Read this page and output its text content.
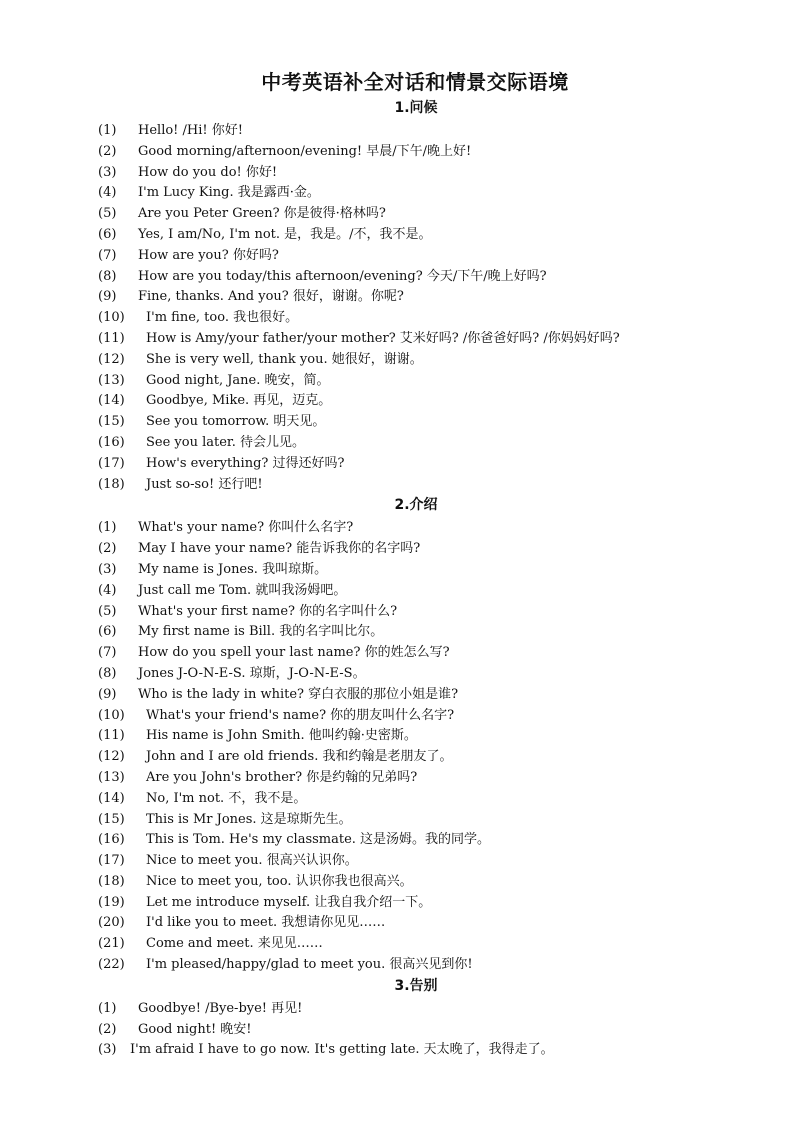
中考英语补全对话和情景交际语境
1.问候
(1) Hello! /Hi! 你好!
(2) Good morning/afternoon/evening! 早晨/下午/晚上好!
(3) How do you do! 你好!
(4) I'm Lucy King. 我是露西·金。
(5) Are you Peter Green? 你是彼得·格林吗?
(6) Yes, I am/No, I'm not. 是，我是。/不，我不是。
(7) How are you? 你好吗?
(8) How are you today/this afternoon/evening? 今天/下午/晚上好吗?
(9) Fine, thanks. And you? 很好，谢谢。你呢?
(10) I'm fine, too. 我也很好。
(11) How is Amy/your father/your mother? 艾米好吗? /你爸爸好吗? /你妈妈好吗?
(12) She is very well, thank you. 她很好，谢谢。
(13) Good night, Jane. 晚安，简。
(14) Goodbye, Mike. 再见，迈克。
(15) See you tomorrow. 明天见。
(16) See you later. 待会儿见。
(17) How's everything? 过得还好吗?
(18) Just so-so! 还行吧!
2.介绍
(1) What's your name? 你叫什么名字?
(2) May I have your name? 能告诉我你的名字吗?
(3) My name is Jones. 我叫琼斯。
(4) Just call me Tom. 就叫我汤姆吧。
(5) What's your first name? 你的名字叫什么?
(6) My first name is Bill. 我的名字叫比尔。
(7) How do you spell your last name? 你的姓怎么写?
(8) Jones J-O-N-E-S. 琼斯，J-O-N-E-S。
(9) Who is the lady in white? 穿白衣服的那位小姐是谁?
(10) What's your friend's name? 你的朋友叫什么名字?
(11) His name is John Smith. 他叫约翰·史密斯。
(12) John and I are old friends. 我和约翰是老朋友了。
(13) Are you John's brother? 你是约翰的兄弟吗?
(14) No, I'm not. 不，我不是。
(15) This is Mr Jones. 这是琼斯先生。
(16) This is Tom. He's my classmate. 这是汤姆。我的同学。
(17) Nice to meet you. 很高兴认识你。
(18) Nice to meet you, too. 认识你我也很高兴。
(19) Let me introduce myself. 让我自我介绍一下。
(20) I'd like you to meet. 我想请你见见……
(21) Come and meet. 来见见……
(22) I'm pleased/happy/glad to meet you. 很高兴见到你!
3.告别
(1) Goodbye! /Bye-bye! 再见!
(2) Good night! 晚安!
(3) I'm afraid I have to go now. It's getting late. 天太晚了，我得走了。
